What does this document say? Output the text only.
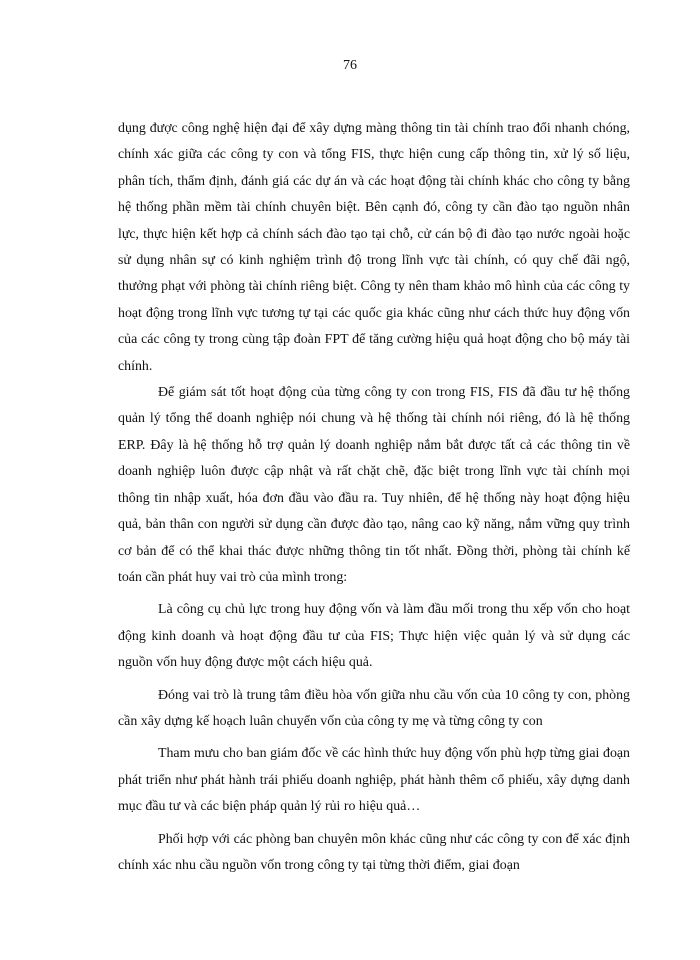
76

dụng được công nghệ hiện đại để xây dựng màng thông tin tài chính trao đổi nhanh chóng, chính xác giữa các công ty con và tổng FIS, thực hiện cung cấp thông tin, xử lý số liệu, phân tích, thẩm định, đánh giá các dự án và các hoạt động tài chính khác cho công ty bằng hệ thống phần mềm tài chính chuyên biệt. Bên cạnh đó, công ty cần đào tạo nguồn nhân lực, thực hiện kết hợp cả chính sách đào tạo tại chỗ, cử cán bộ đi đào tạo nước ngoài hoặc sử dụng nhân sự có kinh nghiệm trình độ trong lĩnh vực tài chính, có quy chế đãi ngộ, thưởng phạt với phòng tài chính riêng biệt. Công ty nên tham khảo mô hình của các công ty hoạt động trong lĩnh vực tương tự tại các quốc gia khác cũng như cách thức huy động vốn của các công ty trong cùng tập đoàn FPT để tăng cường hiệu quả hoạt động cho bộ máy tài chính.

Để giám sát tốt hoạt động của từng công ty con trong FIS, FIS đã đầu tư hệ thống quản lý tổng thể doanh nghiệp nói chung và hệ thống tài chính nói riêng, đó là hệ thống ERP. Đây là hệ thống hỗ trợ quản lý doanh nghiệp nắm bắt được tất cả các thông tin về doanh nghiệp luôn được cập nhật và rất chặt chẽ, đặc biệt trong lĩnh vực tài chính mọi thông tin nhập xuất, hóa đơn đầu vào đầu ra. Tuy nhiên, để hệ thống này hoạt động hiệu quả, bản thân con người sử dụng cần được đào tạo, nâng cao kỹ năng, nắm vững quy trình cơ bản để có thể khai thác được những thông tin tốt nhất. Đồng thời, phòng tài chính kế toán cần phát huy vai trò của mình trong:

Là công cụ chủ lực trong huy động vốn và làm đầu mối trong thu xếp vốn cho hoạt động kinh doanh và hoạt động đầu tư của FIS; Thực hiện việc quản lý và sử dụng các nguồn vốn huy động được một cách hiệu quả.

Đóng vai trò là trung tâm điều hòa vốn giữa nhu cầu vốn của 10 công ty con, phòng cần xây dựng kế hoạch luân chuyển vốn của công ty mẹ và từng công ty con

Tham mưu cho ban giám đốc về các hình thức huy động vốn phù hợp từng giai đoạn phát triển như phát hành trái phiếu doanh nghiệp, phát hành thêm cổ phiếu, xây dựng danh mục đầu tư và các biện pháp quản lý rủi ro hiệu quả…

Phối hợp với các phòng ban chuyên môn khác cũng như các công ty con để xác định chính xác nhu cầu nguồn vốn trong công ty tại từng thời điểm, giai đoạn
